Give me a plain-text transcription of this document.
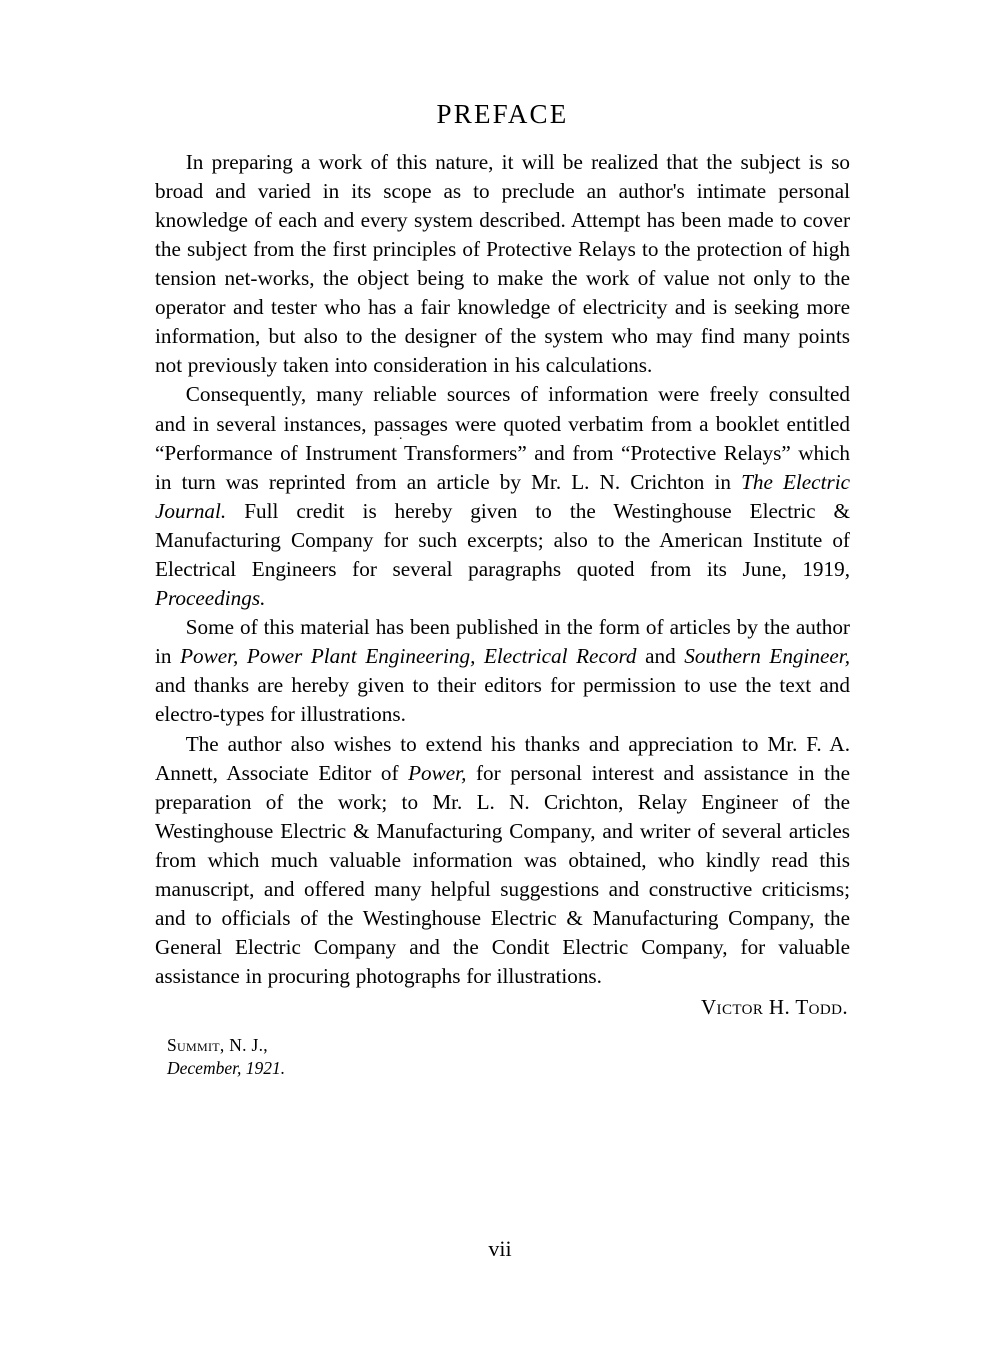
PREFACE

In preparing a work of this nature, it will be realized that the subject is so broad and varied in its scope as to preclude an author's intimate personal knowledge of each and every system described. Attempt has been made to cover the subject from the first principles of Protective Relays to the protection of high tension net-works, the object being to make the work of value not only to the operator and tester who has a fair knowledge of electricity and is seeking more information, but also to the designer of the system who may find many points not previously taken into consideration in his calculations.

Consequently, many reliable sources of information were freely consulted and in several instances, passages were quoted verbatim from a booklet entitled “Performance of Instrument Transformers” and from “Protective Relays” which in turn was reprinted from an article by Mr. L. N. Crichton in The Electric Journal. Full credit is hereby given to the Westinghouse Electric & Manufacturing Company for such excerpts; also to the American Institute of Electrical Engineers for several paragraphs quoted from its June, 1919, Proceedings.

Some of this material has been published in the form of articles by the author in Power, Power Plant Engineering, Electrical Record and Southern Engineer, and thanks are hereby given to their editors for permission to use the text and electro-types for illustrations.

The author also wishes to extend his thanks and appreciation to Mr. F. A. Annett, Associate Editor of Power, for personal interest and assistance in the preparation of the work; to Mr. L. N. Crichton, Relay Engineer of the Westinghouse Electric & Manufacturing Company, and writer of several articles from which much valuable information was obtained, who kindly read this manuscript, and offered many helpful suggestions and constructive criticisms; and to officials of the Westinghouse Electric & Manufacturing Company, the General Electric Company and the Condit Electric Company, for valuable assistance in procuring photographs for illustrations.

Victor H. Todd.

Summit, N. J.,
December, 1921.
vii
